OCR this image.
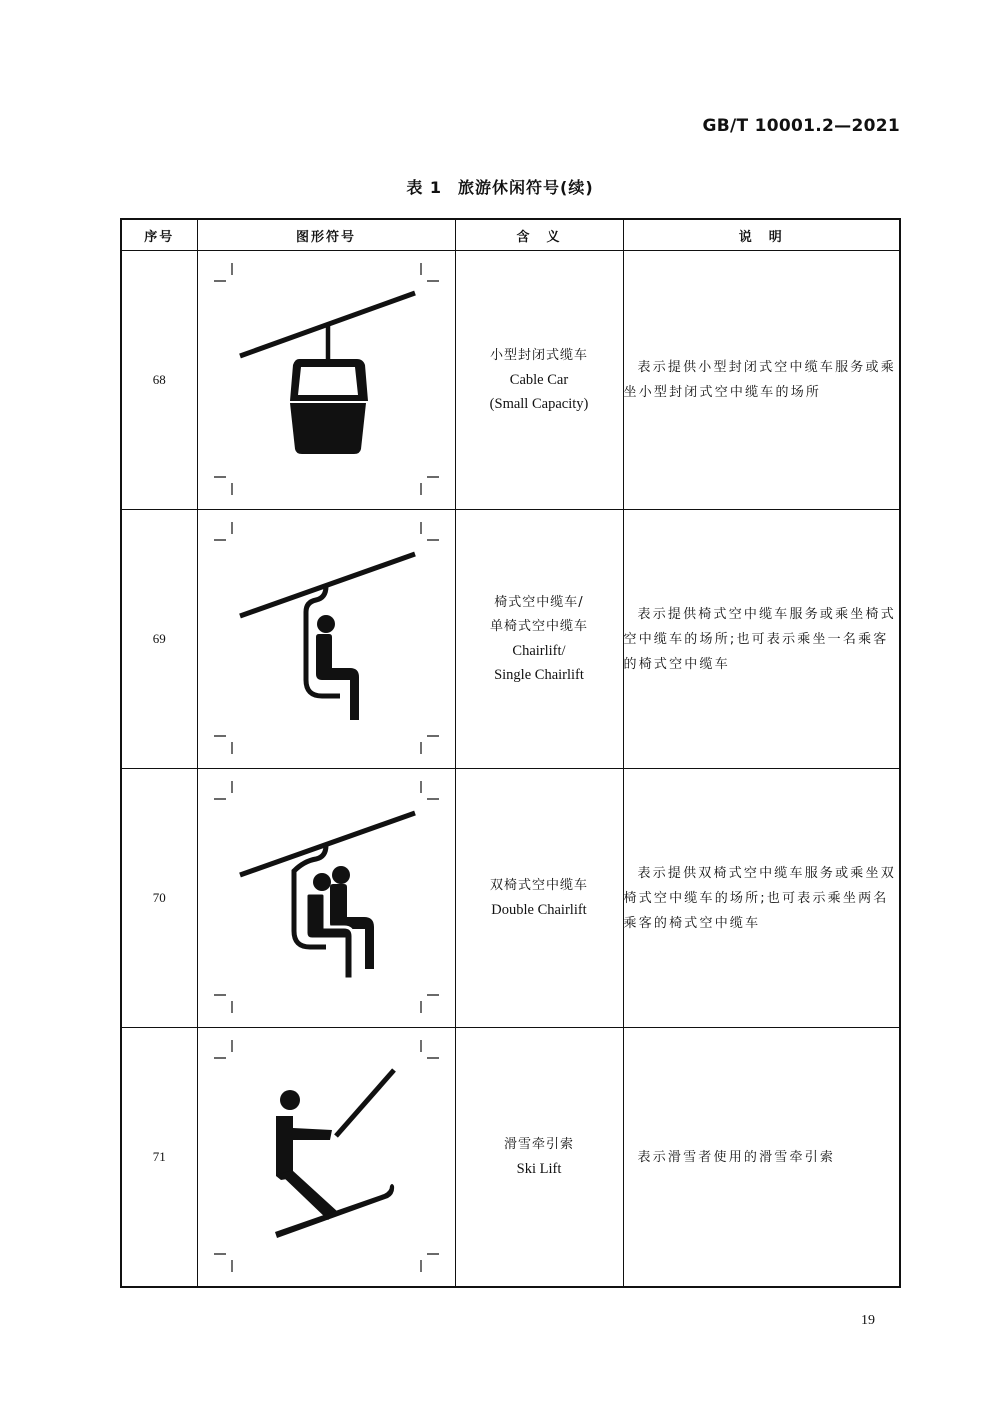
GB/T 10001.2—2021
表 1 旅游休闲符号(续)
序号	图形符号	含　义	说　明
68		小型封闭式缆车
Cable Car
(Small Capacity)	表示提供小型封闭式空中缆车服务或乘坐小型封闭式空中缆车的场所
69		椅式空中缆车/
单椅式空中缆车
Chairlift/
Single Chairlift	表示提供椅式空中缆车服务或乘坐椅式空中缆车的场所;也可表示乘坐一名乘客的椅式空中缆车
70		双椅式空中缆车
Double Chairlift	表示提供双椅式空中缆车服务或乘坐双椅式空中缆车的场所;也可表示乘坐两名乘客的椅式空中缆车
71		滑雪牵引索
Ski Lift	表示滑雪者使用的滑雪牵引索
19
